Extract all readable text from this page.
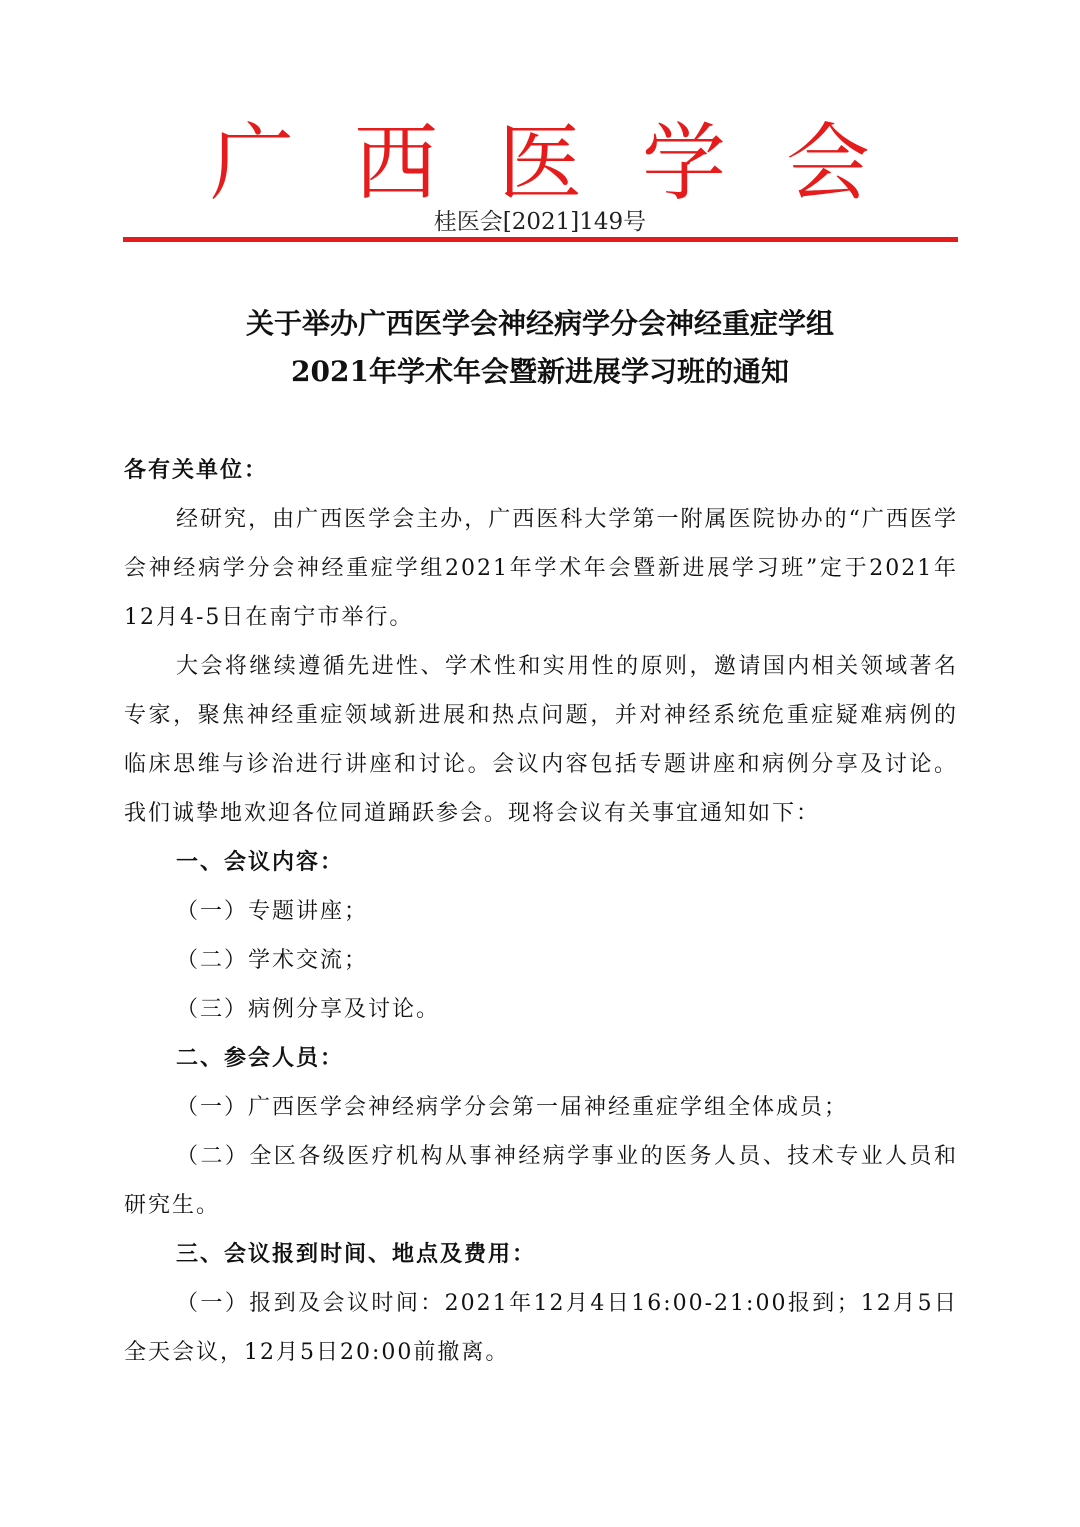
广西医学会
桂医会[2021]149号
关于举办广西医学会神经病学分会神经重症学组
2021年学术年会暨新进展学习班的通知

各有关单位：

经研究，由广西医学会主办，广西医科大学第一附属医院协办的“广西医学会神经病学分会神经重症学组2021年学术年会暨新进展学习班”定于2021年12月4-5日在南宁市举行。

大会将继续遵循先进性、学术性和实用性的原则，邀请国内相关领域著名专家，聚焦神经重症领域新进展和热点问题，并对神经系统危重症疑难病例的临床思维与诊治进行讲座和讨论。会议内容包括专题讲座和病例分享及讨论。我们诚挚地欢迎各位同道踊跃参会。现将会议有关事宜通知如下：

一、会议内容：

（一）专题讲座；

（二）学术交流；

（三）病例分享及讨论。

二、参会人员：

（一）广西医学会神经病学分会第一届神经重症学组全体成员；

（二）全区各级医疗机构从事神经病学事业的医务人员、技术专业人员和研究生。

三、会议报到时间、地点及费用：

（一）报到及会议时间：2021年12月4日16:00-21:00报到；12月5日全天会议，12月5日20:00前撤离。
